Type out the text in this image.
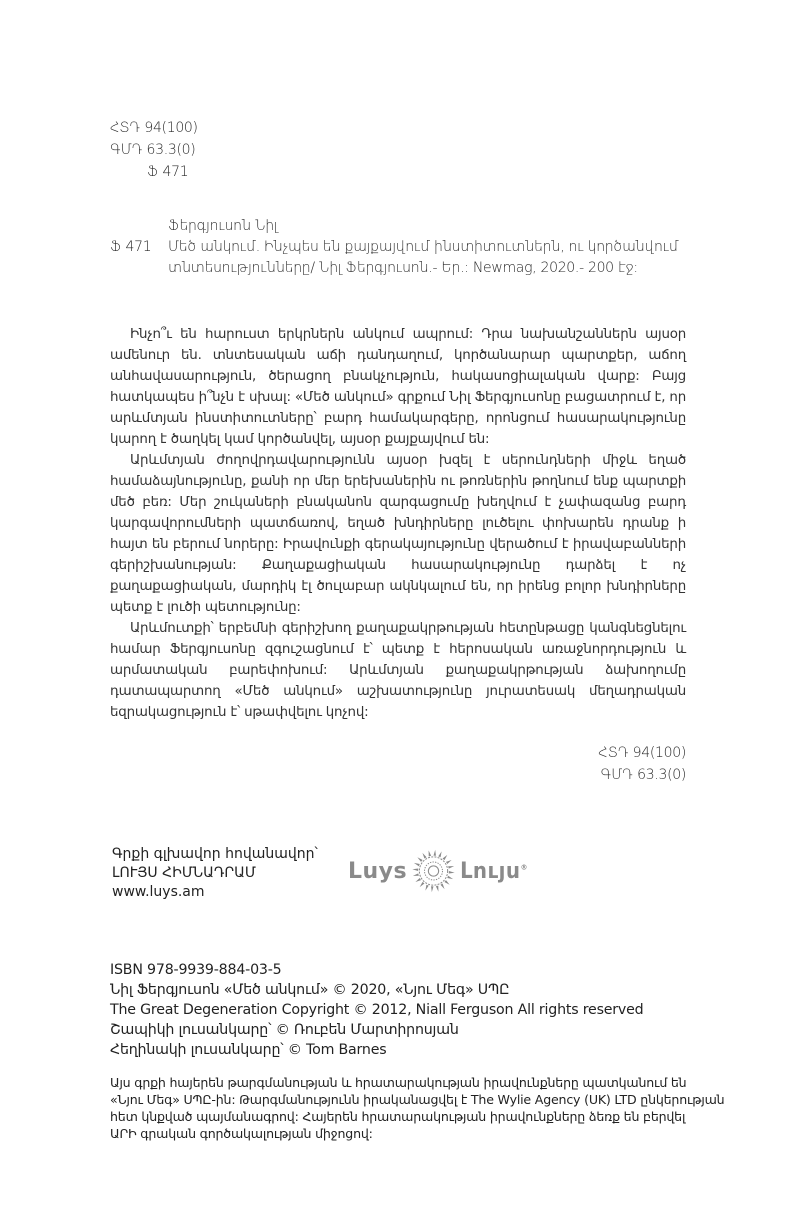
ՀՏԴ 94(100)
ԳՄԴ 63.3(0)
Ֆ 471
Ֆերգյուսոն Նիլ
Ֆ 471	Մեծ անկում. Ինչպես են քայքայվում ինստիտուտներն, ու կործանվում
տնտեսությունները/ Նիլ Ֆերգյուսոն.- Եր.: Newmag, 2020.- 200 էջ:

Ինչո՞ւ են հարուստ երկրներն անկում ապրում: Դրա նախանշաններն այսօր ամենուր են. տնտեսական աճի դանդաղում, կործանարար պարտքեր, աճող անհավասարություն, ծերացող բնակչություն, հակասոցիալական վարք: Բայց հատկապես ի՞նչն է սխալ: «Մեծ անկում» գրքում Նիլ Ֆերգյուսոնը բացատրում է, որ արևմտյան ինստիտուտները՝ բարդ համակարգերը, որոնցում հասարակությունը կարող է ծաղկել կամ կործանվել, այսօր քայքայվում են:

Արևմտյան ժողովրդավարությունն այսօր խզել է սերունդների միջև եղած համաձայնությունը, քանի որ մեր երեխաներին ու թոռներին թողնում ենք պարտքի մեծ բեռ: Մեր շուկաների բնականոն զարգացումը խեղվում է չափազանց բարդ կարգավորումների պատճառով, եղած խնդիրները լուծելու փոխարեն դրանք ի հայտ են բերում նորերը: Իրավունքի գերակայությունը վերածում է իրավաբանների գերիշխանության: Քաղաքացիական հասարակությունը դարձել է ոչ քաղաքացիական, մարդիկ էլ ծուլաբար ակնկալում են, որ իրենց բոլոր խնդիրները պետք է լուծի պետությունը:

Արևմուտքի՝ երբեմնի գերիշխող քաղաքակրթության հետընթացը կանգնեցնելու համար Ֆերգյուսոնը զգուշացնում է՝ պետք է հերոսական առաջնորդություն և արմատական բարեփոխում: Արևմտյան քաղաքակրթության ձախողումը դատապարտող «Մեծ անկում» աշխատությունը յուրատեսակ մեղադրական եզրակացություն է՝ սթափվելու կոչով:

ՀՏԴ 94(100)
ԳՄԴ 63.3(0)
Գրքի գլխավոր հովանավոր՝
ԼՈՒՅՍ ՀԻՄՆԱԴՐԱՄ
www.luys.am
Luys Լույս®
ISBN 978-9939-884-03-5
Նիլ Ֆերգյուսոն «Մեծ անկում» © 2020, «Նյու Մեգ» ՍՊԸ
The Great Degeneration Copyright © 2012, Niall Ferguson All rights reserved
Շապիկի լուսանկարը՝ © Ռուբեն Մարտիրոսյան
Հեղինակի լուսանկարը՝ © Tom Barnes
Այս գրքի հայերեն թարգմանության և հրատարակության իրավունքները պատկանում են
«Նյու Մեգ» ՍՊԸ-ին: Թարգմանությունն իրականացվել է The Wylie Agency (UK) LTD ընկերության
հետ կնքված պայմանագրով: Հայերեն հրատարակության իրավունքները ձեռք են բերվել
ԱՐԻ գրական գործակալության միջոցով:
